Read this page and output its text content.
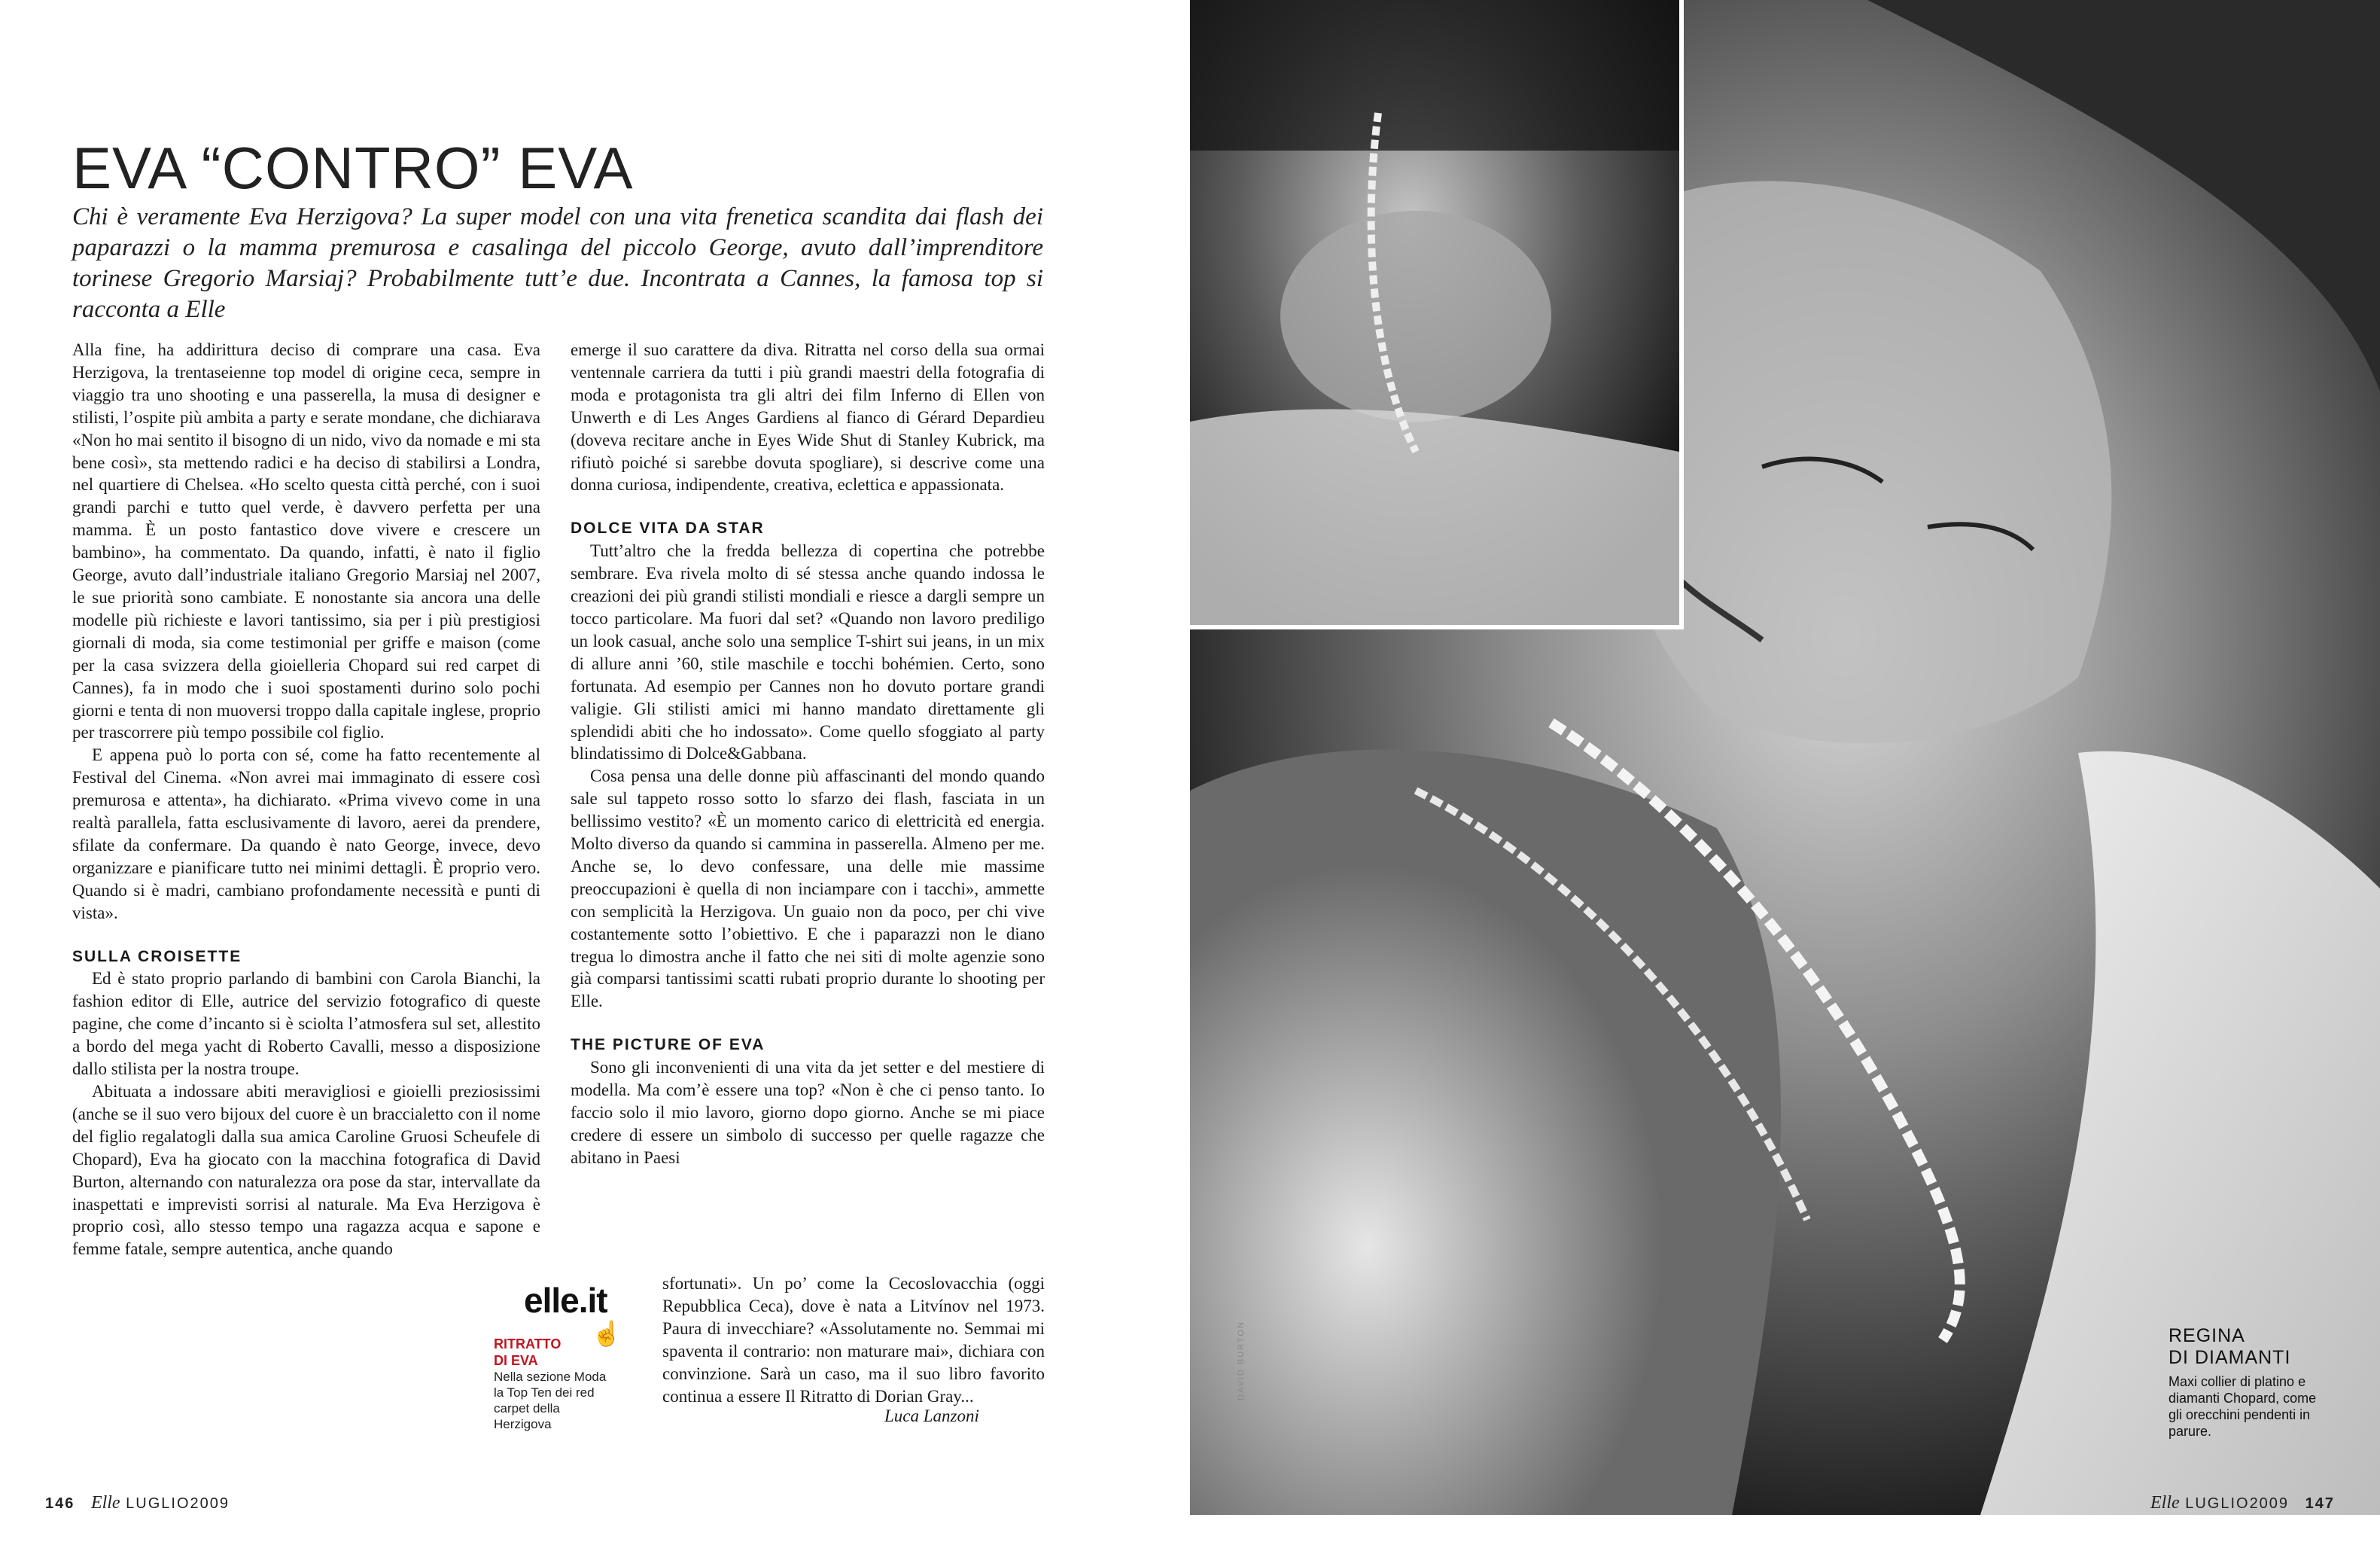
EVA “CONTRO” EVA
Chi è veramente Eva Herzigova? La super model con una vita frenetica scandita dai flash dei paparazzi o la mamma premurosa e casalinga del piccolo George, avuto dall’imprenditore torinese Gregorio Marsiaj? Probabilmente tutt’e due. Incontrata a Cannes, la famosa top si racconta a Elle

Alla fine, ha addirittura deciso di comprare una casa. Eva Herzigova, la trentaseienne top model di origine ceca, sempre in viaggio tra uno shooting e una passerella, la musa di designer e stilisti, l’ospite più ambita a party e serate mondane, che dichiarava «Non ho mai sentito il bisogno di un nido, vivo da nomade e mi sta bene così», sta mettendo radici e ha deciso di stabilirsi a Londra, nel quartiere di Chelsea. «Ho scelto questa città perché, con i suoi grandi parchi e tutto quel verde, è davvero perfetta per una mamma. È un posto fantastico dove vivere e crescere un bambino», ha commentato. Da quando, infatti, è nato il figlio George, avuto dall’industriale italiano Gregorio Marsiaj nel 2007, le sue priorità sono cambiate. E nonostante sia ancora una delle modelle più richieste e lavori tantissimo, sia per i più prestigiosi giornali di moda, sia come testimonial per griffe e maison (come per la casa svizzera della gioielleria Chopard sui red carpet di Cannes), fa in modo che i suoi spostamenti durino solo pochi giorni e tenta di non muoversi troppo dalla capitale inglese, proprio per trascorrere più tempo possibile col figlio.

E appena può lo porta con sé, come ha fatto recentemente al Festival del Cinema. «Non avrei mai immaginato di essere così premurosa e attenta», ha dichiarato. «Prima vivevo come in una realtà parallela, fatta esclusivamente di lavoro, aerei da prendere, sfilate da confermare. Da quando è nato George, invece, devo organizzare e pianificare tutto nei minimi dettagli. È proprio vero. Quando si è madri, cambiano profondamente necessità e punti di vista».

SULLA CROISETTE

Ed è stato proprio parlando di bambini con Carola Bianchi, la fashion editor di Elle, autrice del servizio fotografico di queste pagine, che come d’incanto si è sciolta l’atmosfera sul set, allestito a bordo del mega yacht di Roberto Cavalli, messo a disposizione dallo stilista per la nostra troupe.

Abituata a indossare abiti meravigliosi e gioielli preziosissimi (anche se il suo vero bijoux del cuore è un braccialetto con il nome del figlio regalatogli dalla sua amica Caroline Gruosi Scheufele di Chopard), Eva ha giocato con la macchina fotografica di David Burton, alternando con naturalezza ora pose da star, intervallate da inaspettati e imprevisti sorrisi al naturale. Ma Eva Herzigova è proprio così, allo stesso tempo una ragazza acqua e sapone e femme fatale, sempre autentica, anche quando

emerge il suo carattere da diva. Ritratta nel corso della sua ormai ventennale carriera da tutti i più grandi maestri della fotografia di moda e protagonista tra gli altri dei film Inferno di Ellen von Unwerth e di Les Anges Gardiens al fianco di Gérard Depardieu (doveva recitare anche in Eyes Wide Shut di Stanley Kubrick, ma rifiutò poiché si sarebbe dovuta spogliare), si descrive come una donna curiosa, indipendente, creativa, eclettica e appassionata.

DOLCE VITA DA STAR

Tutt’altro che la fredda bellezza di copertina che potrebbe sembrare. Eva rivela molto di sé stessa anche quando indossa le creazioni dei più grandi stilisti mondiali e riesce a dargli sempre un tocco particolare. Ma fuori dal set? «Quando non lavoro prediligo un look casual, anche solo una semplice T-shirt sui jeans, in un mix di allure anni ’60, stile maschile e tocchi bohémien. Certo, sono fortunata. Ad esempio per Cannes non ho dovuto portare grandi valigie. Gli stilisti amici mi hanno mandato direttamente gli splendidi abiti che ho indossato». Come quello sfoggiato al party blindatissimo di Dolce&Gabbana.

Cosa pensa una delle donne più affascinanti del mondo quando sale sul tappeto rosso sotto lo sfarzo dei flash, fasciata in un bellissimo vestito? «È un momento carico di elettricità ed energia. Molto diverso da quando si cammina in passerella. Almeno per me. Anche se, lo devo confessare, una delle mie massime preoccupazioni è quella di non inciampare con i tacchi», ammette con semplicità la Herzigova. Un guaio non da poco, per chi vive costantemente sotto l’obiettivo. E che i paparazzi non le diano tregua lo dimostra anche il fatto che nei siti di molte agenzie sono già comparsi tantissimi scatti rubati proprio durante lo shooting per Elle.

THE PICTURE OF EVA

Sono gli inconvenienti di una vita da jet setter e del mestiere di modella. Ma com’è essere una top? «Non è che ci penso tanto. Io faccio solo il mio lavoro, giorno dopo giorno. Anche se mi piace credere di essere un simbolo di successo per quelle ragazze che abitano in Paesi

sfortunati». Un po’ come la Cecoslovacchia (oggi Repubblica Ceca), dove è nata a Litvínov nel 1973. Paura di invecchiare? «Assolutamente no. Semmai mi spaventa il contrario: non maturare mai», dichiara con convinzione. Sarà un caso, ma il suo libro favorito continua a essere Il Ritratto di Dorian Gray...
Luca Lanzoni
elle.it
☝
RITRATTO
DI EVA
Nella sezione Moda la Top Ten dei red carpet della Herzigova
146 Elle LUGLIO2009
DAVID BURTON	REGINA
DI DIAMANTI
Maxi collier di platino e diamanti Chopard, come gli orecchini pendenti in parure.
Elle LUGLIO2009 147
